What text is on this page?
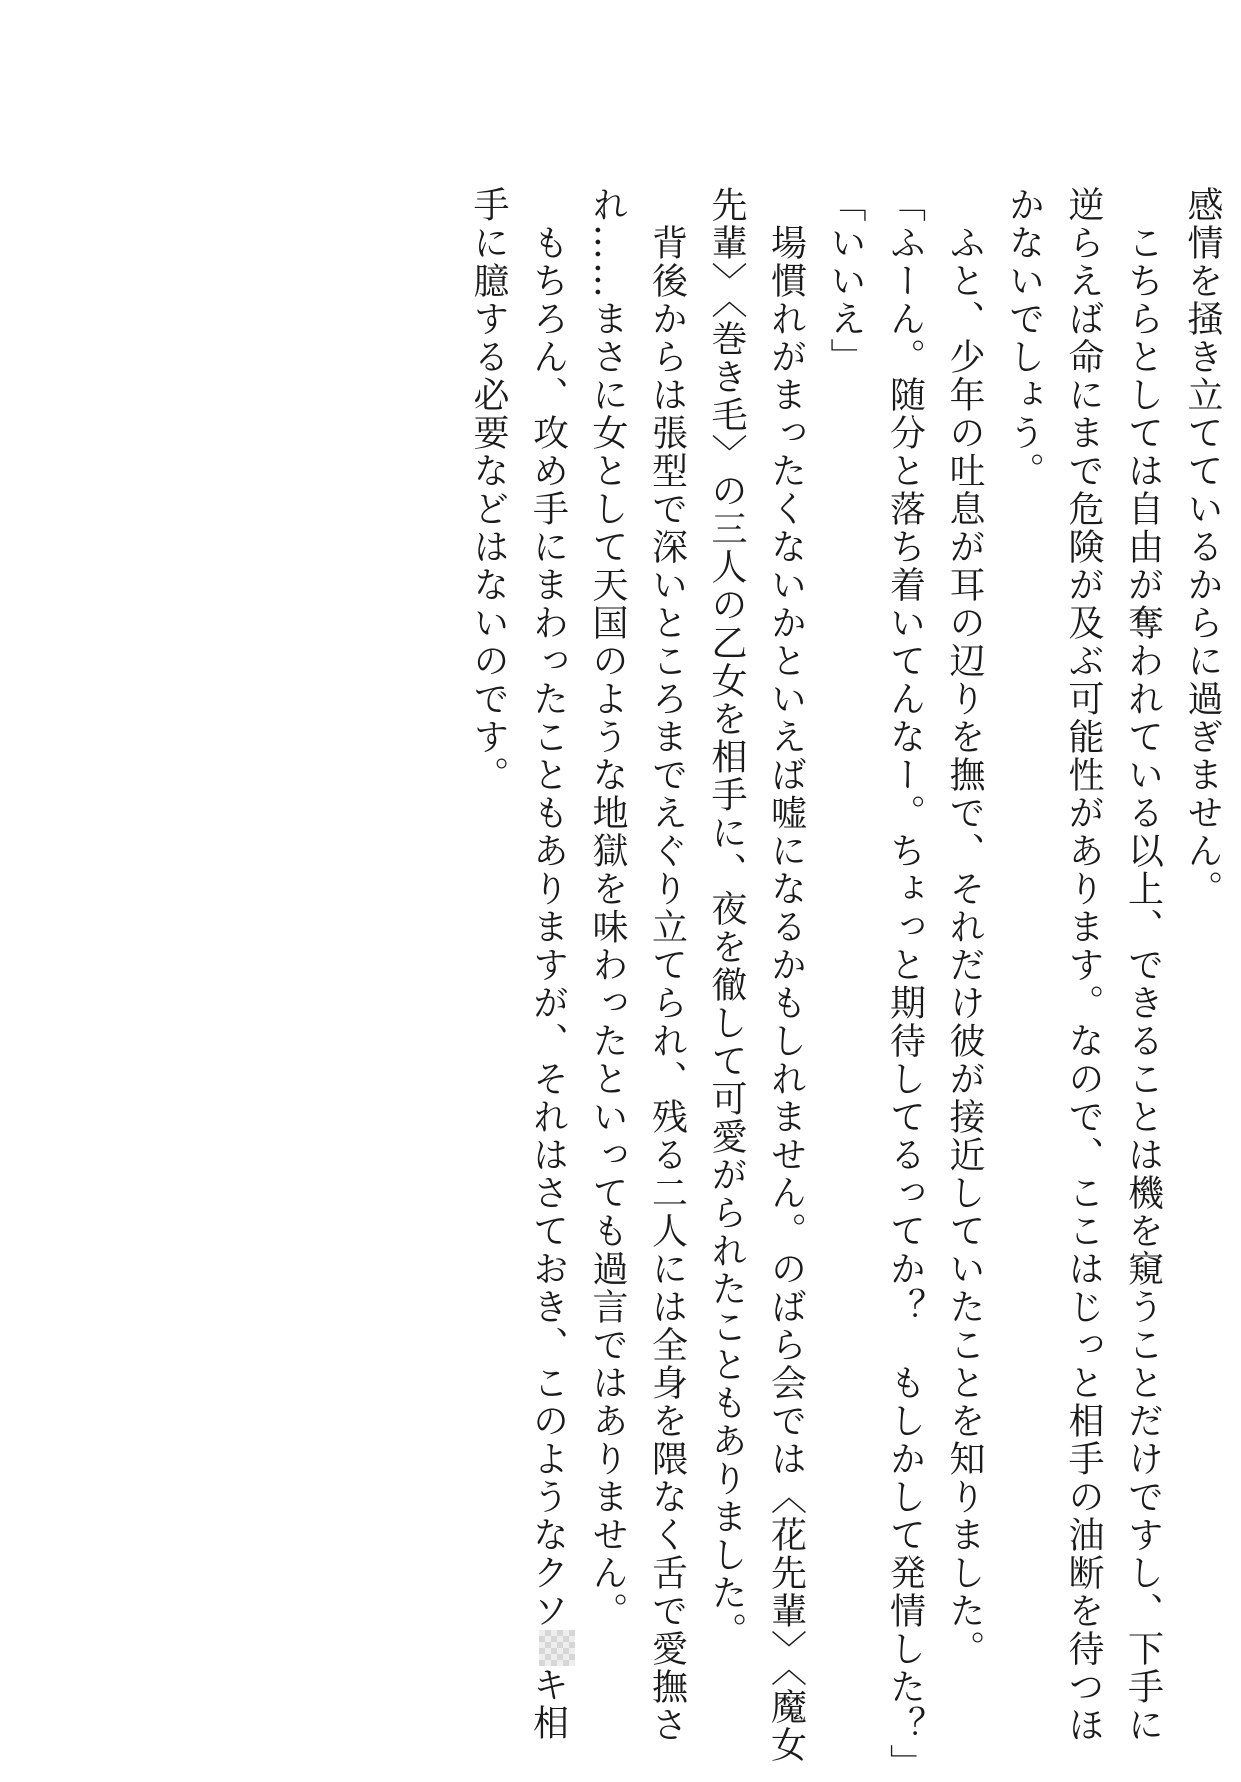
感情を掻き立てているからに過ぎません。
　こちらとしては自由が奪われている以上、できることは機を窺うことだけですし、下手に
逆らえば命にまで危険が及ぶ可能性があります。なので、ここはじっと相手の油断を待つほ
かないでしょう。
　ふと、少年の吐息が耳の辺りを撫で、それだけ彼が接近していたことを知りました。
「ふーん。随分と落ち着いてんなー。ちょっと期待してるってか？　もしかして発情した？」
「いいえ」
　場慣れがまったくないかといえば嘘になるかもしれません。のばら会では〈花先輩〉〈魔女
先輩〉〈巻き毛〉の三人の乙女を相手に、夜を徹して可愛がられたこともありました。
　背後からは張型で深いところまでえぐり立てられ、残る二人には全身を隈なく舌で愛撫さ
れ……まさに女として天国のような地獄を味わったといっても過言ではありません。
　もちろん、攻め手にまわったこともありますが、それはさておき、このようなクソキ相
手に臆する必要などはないのです。
